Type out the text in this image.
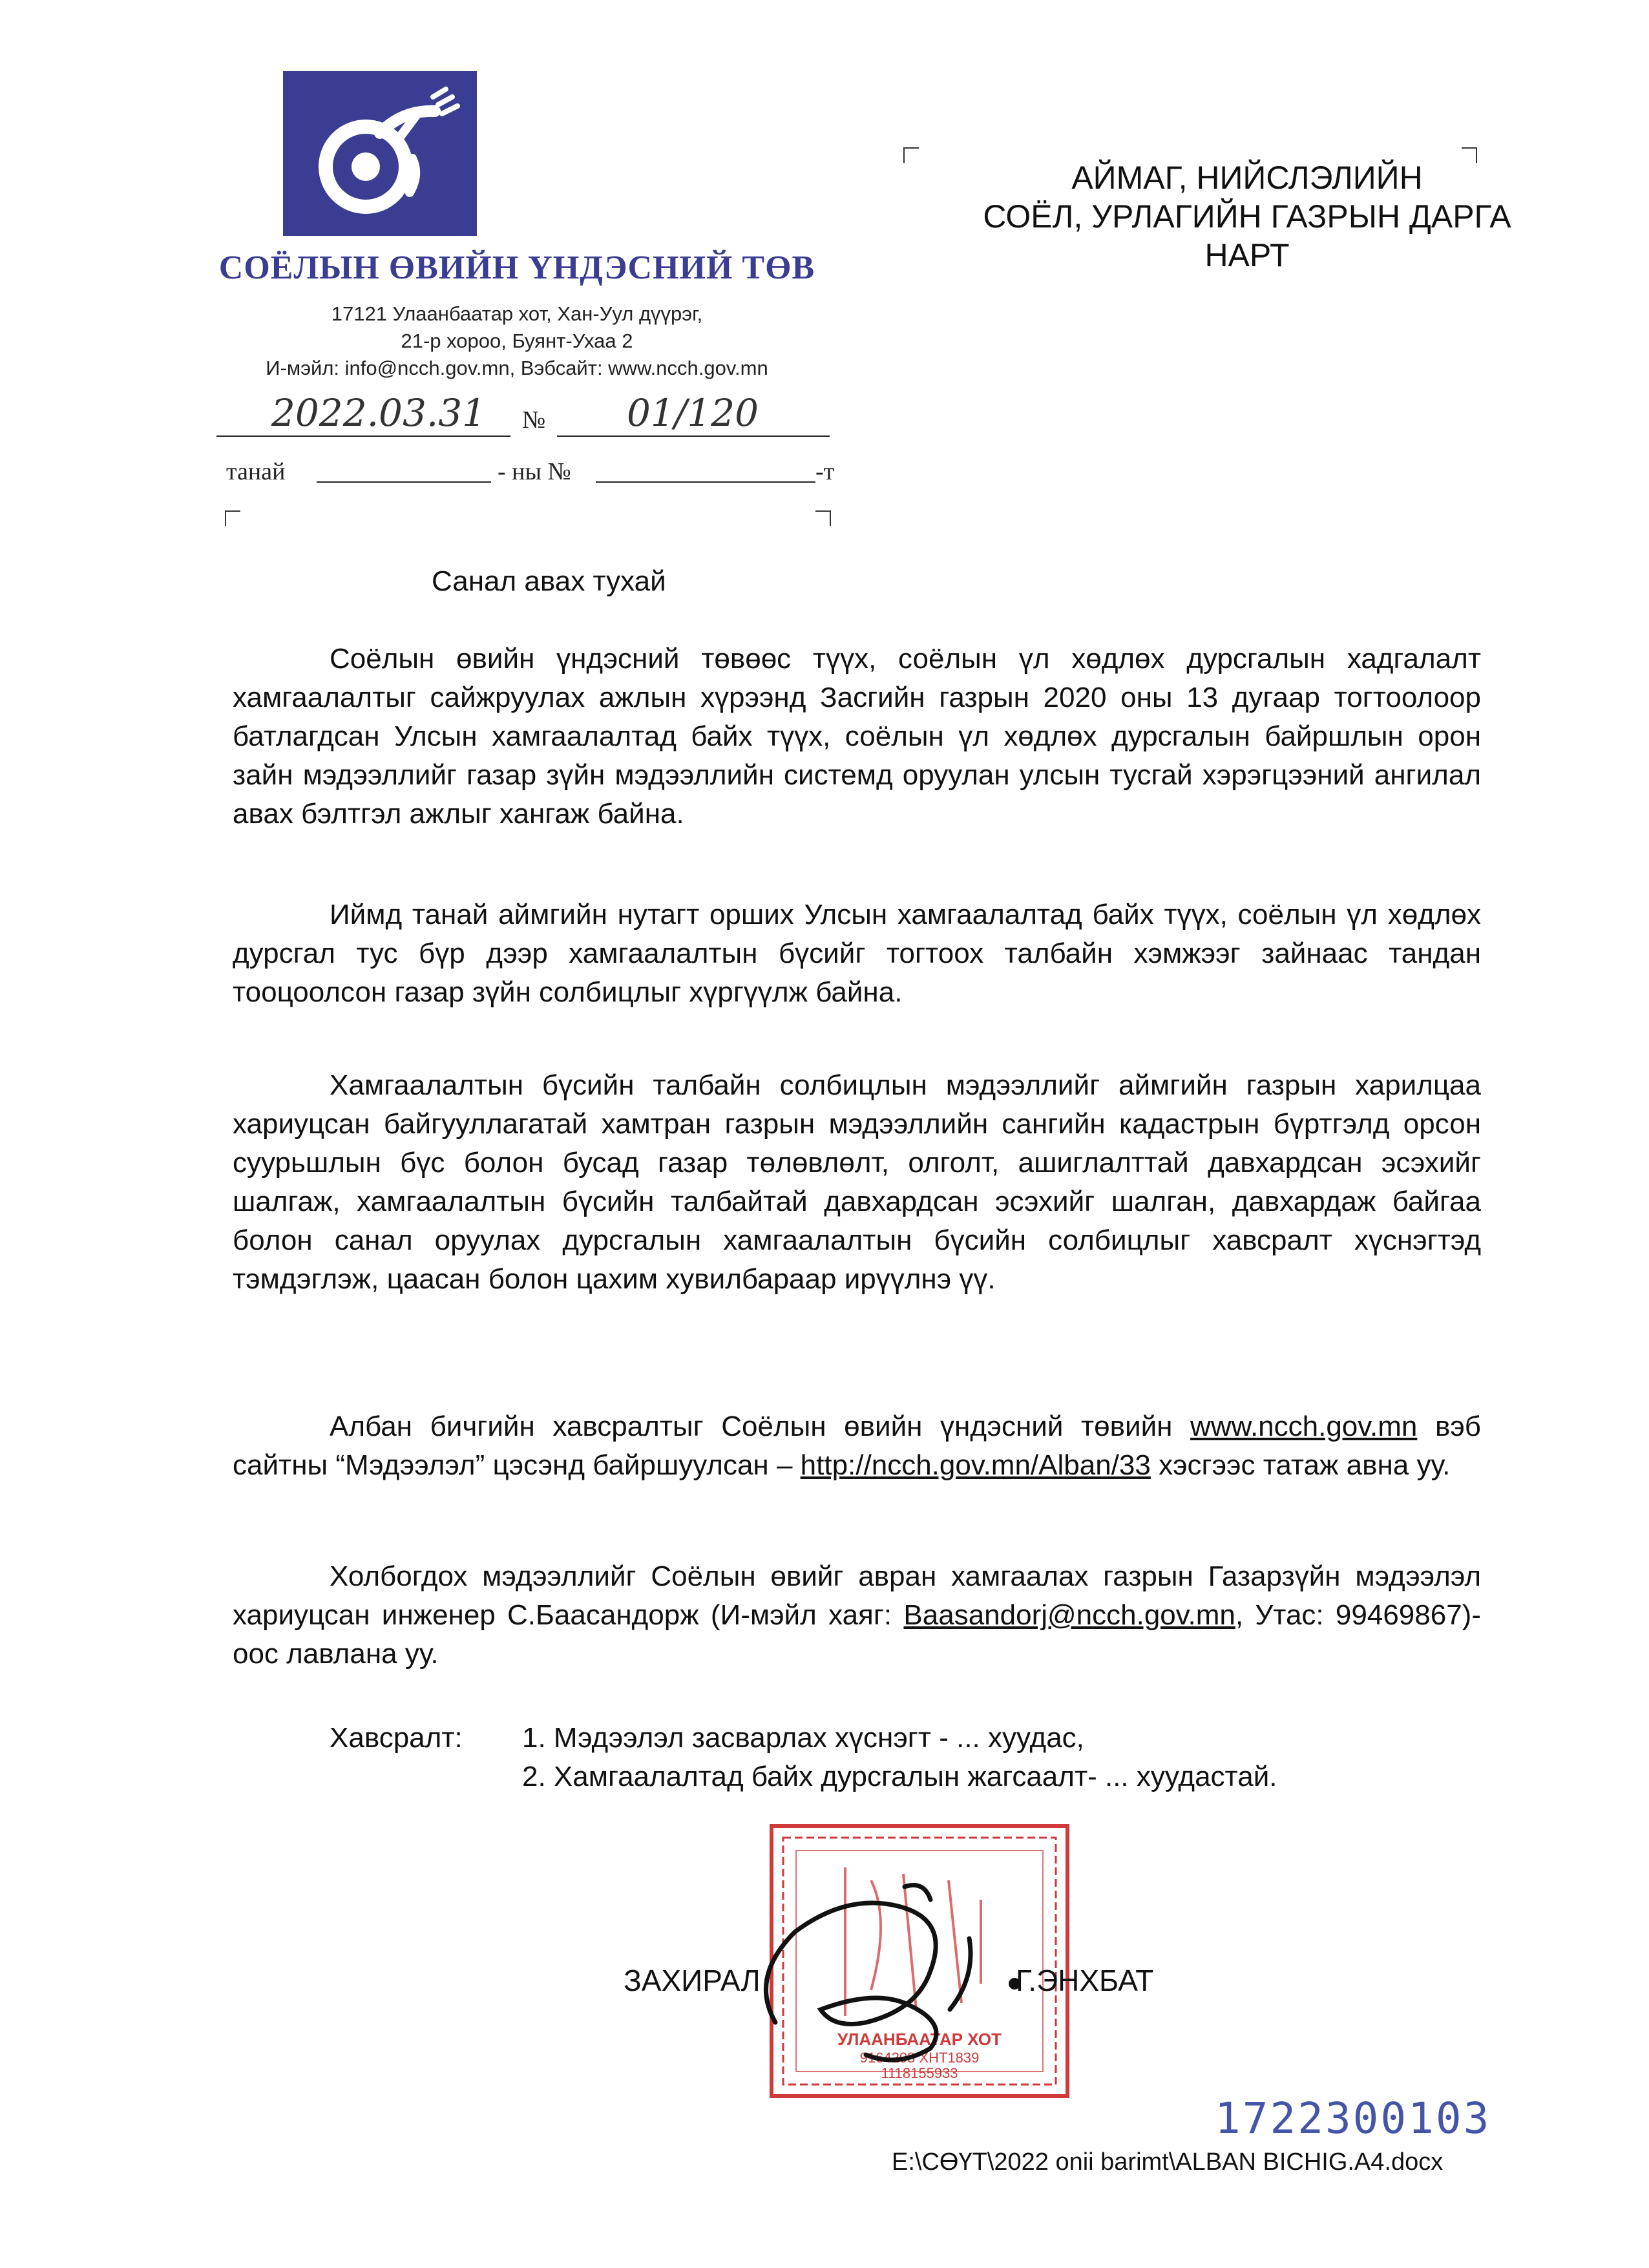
СОЁЛЫН ӨВИЙН ҮНДЭСНИЙ ТӨВ
17121 Улаанбаатар хот, Хан-Уул дүүрэг,
21-р хороо, Буянт-Ухаа 2
И-мэйл: info@ncch.gov.mn, Вэбсайт: www.ncch.gov.mn
2022.03.31 № 01/120
танай	- ны №	-т
АЙМАГ, НИЙСЛЭЛИЙН
СОЁЛ, УРЛАГИЙН ГАЗРЫН ДАРГА
НАРТ
Санал авах тухай
Соёлын өвийн үндэсний төвөөс түүх, соёлын үл хөдлөх дурсгалын хадгалалт хамгаалалтыг сайжруулах ажлын хүрээнд Засгийн газрын 2020 оны 13 дугаар тогтоолоор батлагдсан Улсын хамгаалалтад байх түүх, соёлын үл хөдлөх дурсгалын байршлын орон зайн мэдээллийг газар зүйн мэдээллийн системд оруулан улсын тусгай хэрэгцээний ангилал авах бэлтгэл ажлыг хангаж байна.
Иймд танай аймгийн нутагт орших Улсын хамгаалалтад байх түүх, соёлын үл хөдлөх дурсгал тус бүр дээр хамгаалалтын бүсийг тогтоох талбайн хэмжээг зайнаас тандан тооцоолсон газар зүйн солбицлыг хүргүүлж байна.
Хамгаалалтын бүсийн талбайн солбицлын мэдээллийг аймгийн газрын харилцаа хариуцсан байгууллагатай хамтран газрын мэдээллийн сангийн кадастрын бүртгэлд орсон суурьшлын бүс болон бусад газар төлөвлөлт, олголт, ашиглалттай давхардсан эсэхийг шалгаж, хамгаалалтын бүсийн талбайтай давхардсан эсэхийг шалган, давхардаж байгаа болон санал оруулах дурсгалын хамгаалалтын бүсийн солбицлыг хавсралт хүснэгтэд тэмдэглэж, цаасан болон цахим хувилбараар ирүүлнэ үү.
Албан бичгийн хавсралтыг Соёлын өвийн үндэсний төвийн www.ncch.gov.mn вэб сайтны “Мэдээлэл” цэсэнд байршуулсан – http://ncch.gov.mn/Alban/33 хэсгээс татаж авна уу.
Холбогдох мэдээллийг Соёлын өвийг авран хамгаалах газрын Газарзүйн мэдээлэл хариуцсан инженер С.Баасандорж (И-мэйл хаяг: Baasandorj@ncch.gov.mn, Утас: 99469867)- оос лавлана уу.
Хавсралт: 1. Мэдээлэл засварлах хүснэгт - ... хуудас,
2. Хамгаалалтад байх дурсгалын жагсаалт- ... хуудастай.
УЛААНБААТАР ХОТ
9164208 ХНТ1839
1118155933
ЗАХИРАЛ	Г.ЭНХБАТ
1722300103
E:\СӨҮТ\2022 onii barimt\ALBAN BICHIG.A4.docx
